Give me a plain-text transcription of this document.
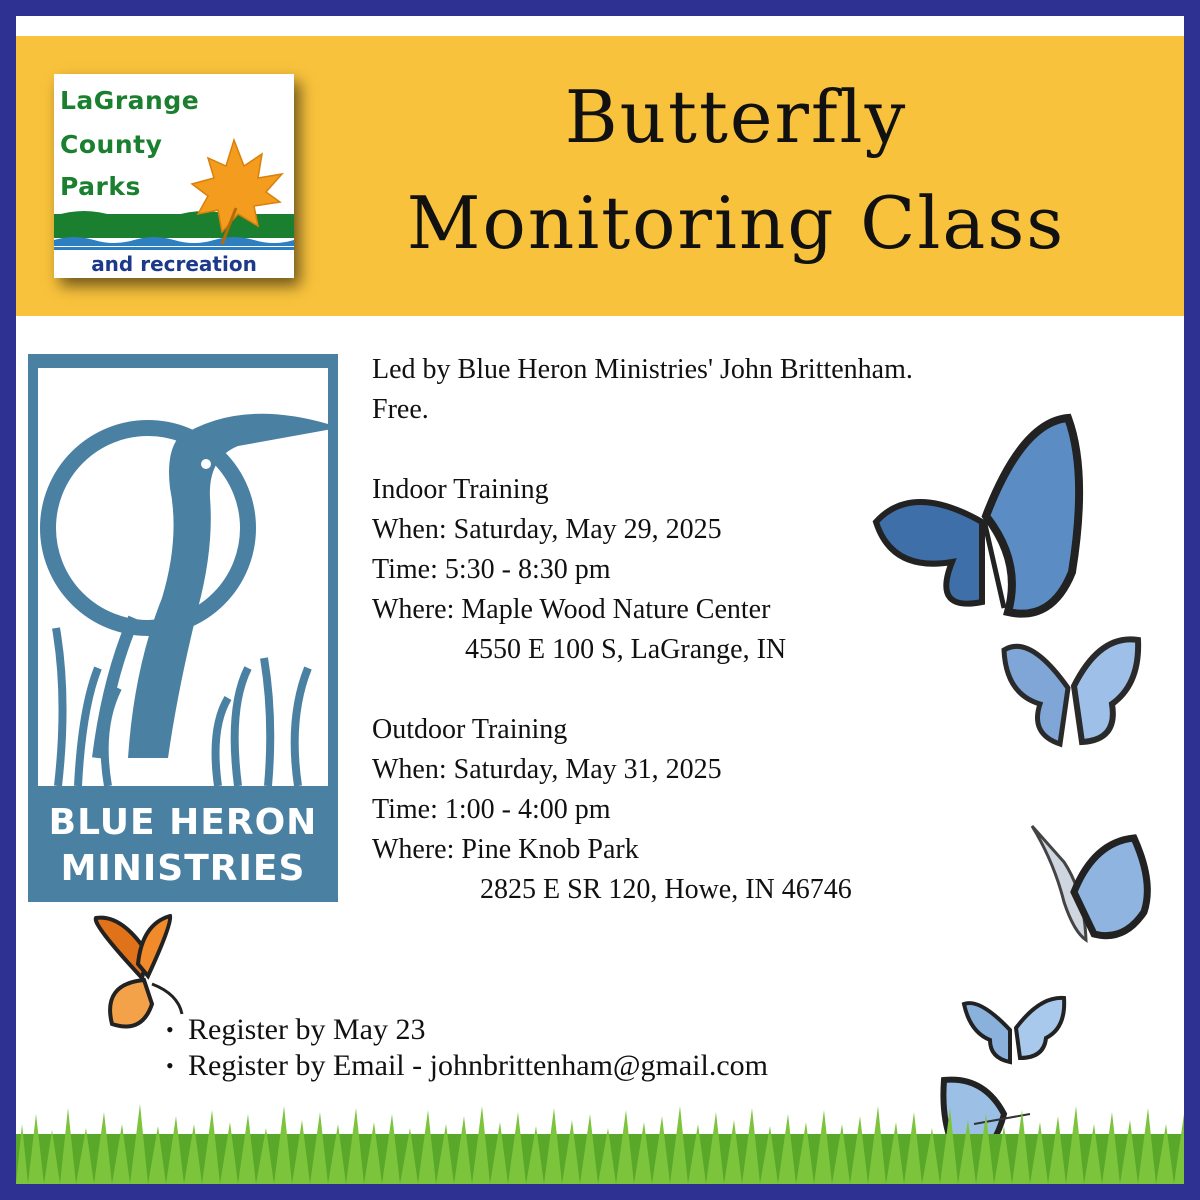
LaGrange
County
Parks
and recreation
Butterfly
Monitoring Class
BLUE HERON
MINISTRIES

Led by Blue Heron Ministries' John Brittenham.

Free.

Indoor Training

When: Saturday, May 29, 2025

Time: 5:30 - 8:30 pm

Where: Maple Wood Nature Center

4550 E 100 S, LaGrange, IN

Outdoor Training

When: Saturday, May 31, 2025

Time: 1:00 - 4:00 pm

Where: Pine Knob Park

2825 E SR 120, Howe, IN 46746

• Register by May 23
• Register by Email - johnbrittenham@gmail.com
